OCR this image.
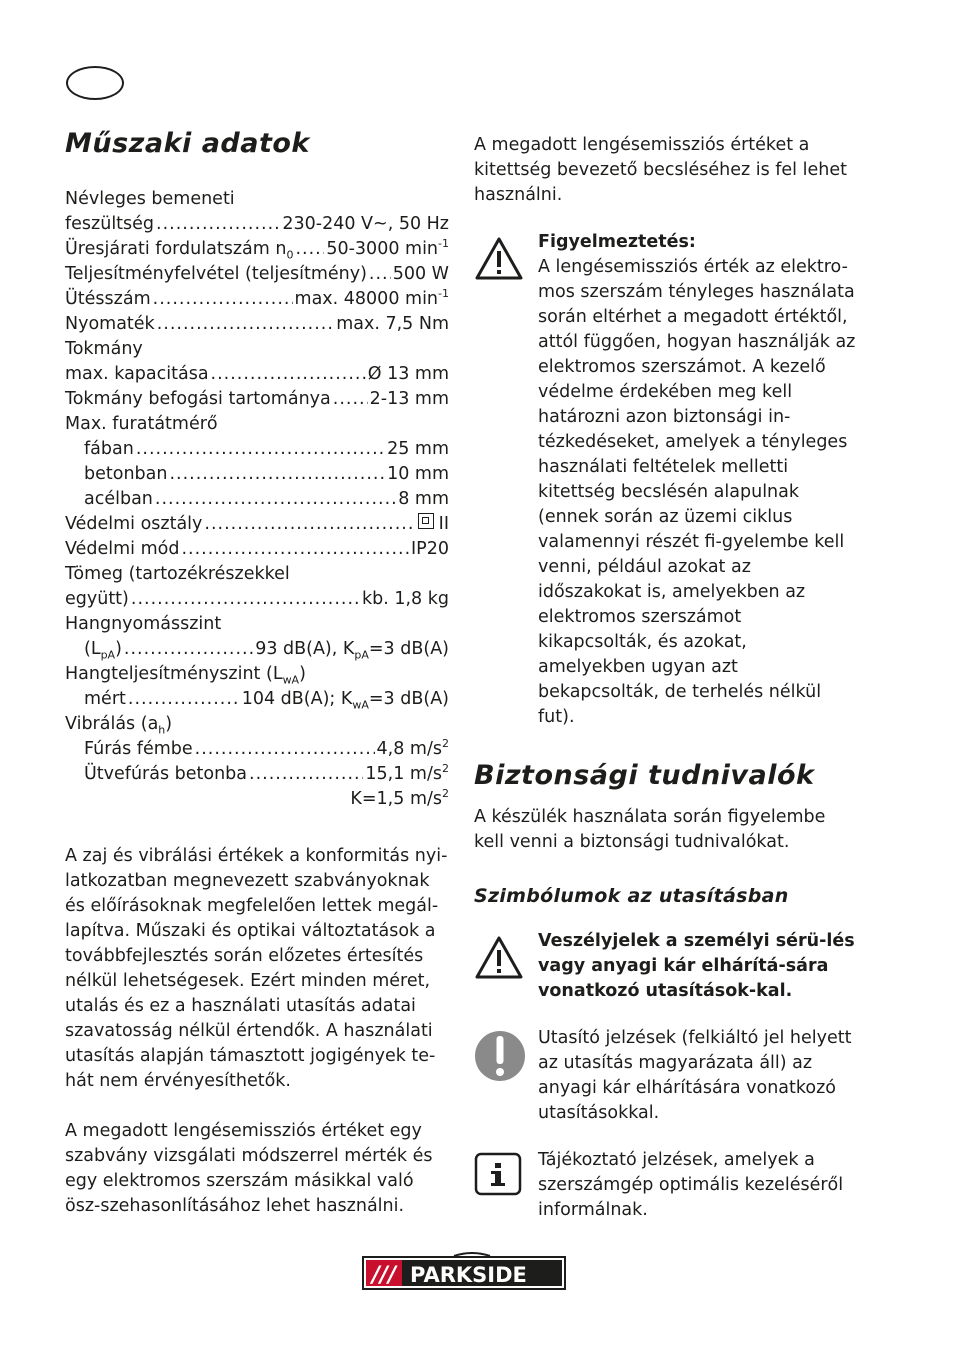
Műszaki adatok
Névleges bemeneti
feszültség .....	230-240 V~, 50 Hz
Üresjárati fordulatszám $n_0$ ..... 50-3000 $\min^{-1}$
Teljesítményfelvétel (teljesítmény) ..... 500 W
Ütésszám .....	max. 48000 $\min^{-1}$
Nyomaték .....	max. 7,5 Nm
Tokmány
max. kapacitása .....	Ø 13 mm
Tokmány befogási tartománya ..... 2-13 mm
Max. furatátmérő
fában .....	25 mm
betonban .....	10 mm
acélban .....	8 mm
Védelmi osztály .....	II
Védelmi mód .....	IP20
Tömeg (tartozékrészekkel
együtt) .....	kb. 1,8 kg
Hangnyomásszint
$(L_{pA})$ .....	93 dB(A), $K_{pA}=3$ dB(A)
Hangteljesítményszint $(L_{wA})$
mért .....	104 dB(A); $K_{wA}=3$ dB(A)
Vibrálás $(a_h)$
Fúrás fémbe .....	4,8 $m/s^2$
Ütvefúrás betonba .....	15,1 $m/s^2$
K=1,5 $m/s^2$

A zaj és vibrálási értékek a konformitás nyi-latkozatban megnevezett szabványoknak és előírásoknak megfelelően lettek megál-lapítva. Műszaki és optikai változtatások a továbbfejlesztés során előzetes értesítés nélkül lehetségesek. Ezért minden méret, utalás és ez a használati utasítás adatai szavatosság nélkül értendők. A használati utasítás alapján támasztott jogigények te-hát nem érvényesíthetők.

A megadott lengésemissziós értéket egy szabvány vizsgálati módszerrel mérték és egy elektromos szerszám másikkal való ösz-szehasonlításához lehet használni.

A megadott lengésemissziós értéket a kitettség bevezető becsléséhez is fel lehet használni.

Figyelmeztetés:
A lengésemissziós érték az elektro-mos szerszám tényleges használata során eltérhet a megadott értéktől, attól függően, hogyan használják az elektromos szerszámot. A kezelő védelme érdekében meg kell határozni azon biztonsági in-tézkedéseket, amelyek a tényleges használati feltételek melletti kitettség becslésén alapulnak (ennek során az üzemi ciklus valamennyi részét fi-gyelembe kell venni, például azokat az időszakokat is, amelyekben az elektromos szerszámot kikapcsolták, és azokat, amelyekben ugyan azt bekapcsolták, de terhelés nélkül fut).
Biztonsági tudnivalók

A készülék használata során figyelembe kell venni a biztonsági tudnivalókat.

Szimbólumok az utasításban
Veszélyjelek a személyi sérü-lés vagy anyagi kár elhárítá-sára vonatkozó utasítások-kal.
Utasító jelzések (felkiáltó jel helyett az utasítás magyarázata áll) az anyagi kár elhárítására vonatkozó utasításokkal.
Tájékoztató jelzések, amelyek a szerszámgép optimális kezeléséről informálnak.
/// PARKSIDE
